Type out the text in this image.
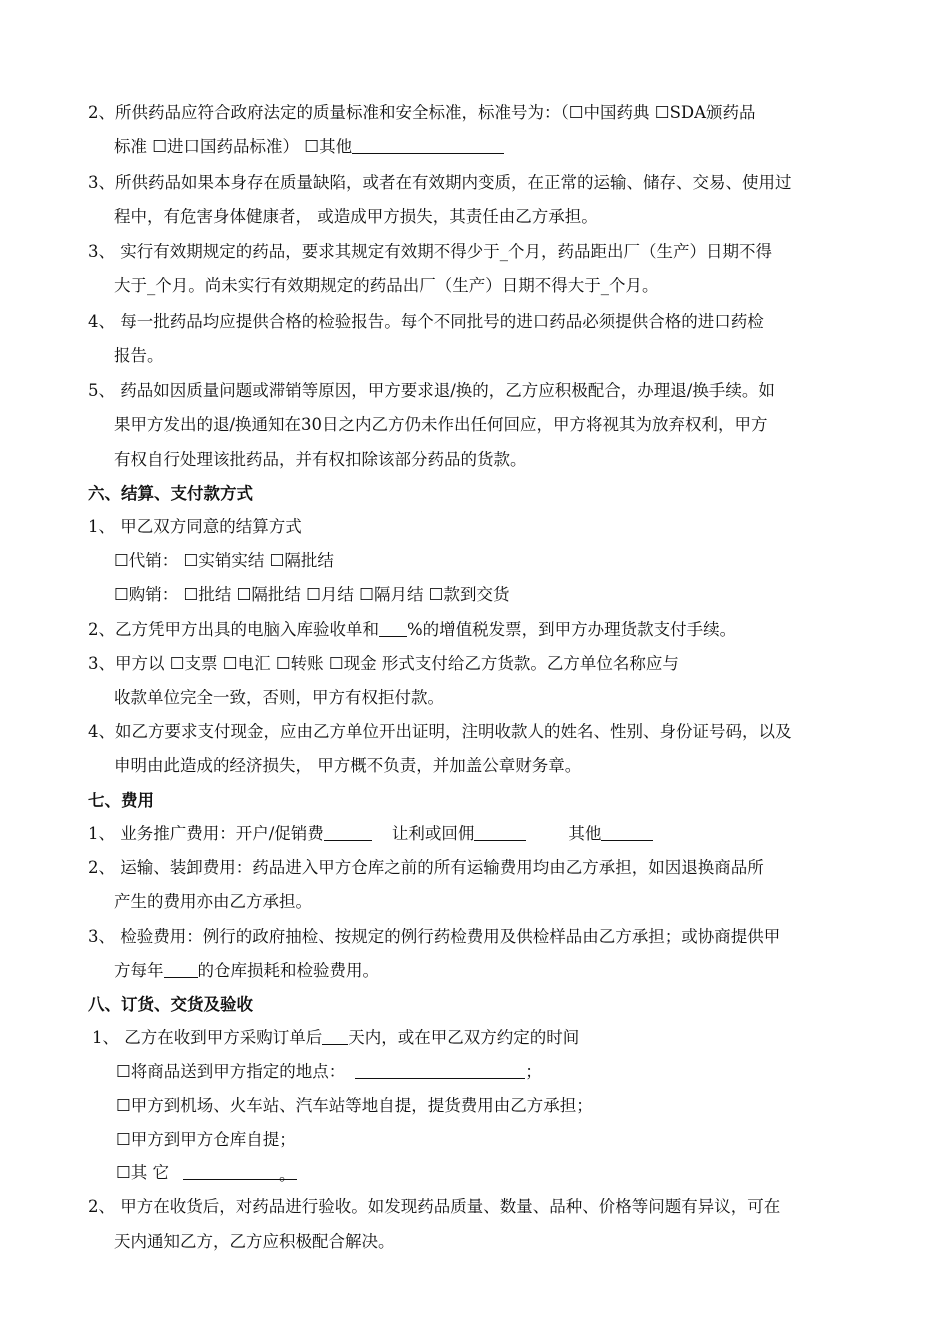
2、所供药品应符合政府法定的质量标准和安全标准，标准号为：（☐中国药典 ☐SDA颁药品
标准 ☐进口国药品标准） ☐其他
3、所供药品如果本身存在质量缺陷，或者在有效期内变质，在正常的运输、储存、交易、使用过
程中，有危害身体健康者， 或造成甲方损失，其责任由乙方承担。
3、 实行有效期规定的药品，要求其规定有效期不得少于_个月，药品距出厂（生产）日期不得
大于_个月。尚未实行有效期规定的药品出厂（生产）日期不得大于_个月。
4、 每一批药品均应提供合格的检验报告。每个不同批号的进口药品必须提供合格的进口药检
报告。
5、 药品如因质量问题或滞销等原因，甲方要求退/换的，乙方应积极配合，办理退/换手续。如
果甲方发出的退/换通知在30日之内乙方仍未作出任何回应，甲方将视其为放弃权利，甲方
有权自行处理该批药品，并有权扣除该部分药品的货款。
六、结算、支付款方式
1、 甲乙双方同意的结算方式
☐代销： ☐实销实结 ☐隔批结
☐购销： ☐批结 ☐隔批结 ☐月结 ☐隔月结 ☐款到交货
2、乙方凭甲方出具的电脑入库验收单和 %的增值税发票，到甲方办理货款支付手续。
3、甲方以 ☐支票 ☐电汇 ☐转账 ☐现金 形式支付给乙方货款。乙方单位名称应与
收款单位完全一致，否则，甲方有权拒付款。
4、如乙方要求支付现金，应由乙方单位开出证明，注明收款人的姓名、性别、身份证号码，以及
申明由此造成的经济损失， 甲方概不负责，并加盖公章财务章。
七、费用
1、 业务推广费用：开户/促销费	让利或回佣	其他
2、 运输、装卸费用：药品进入甲方仓库之前的所有运输费用均由乙方承担，如因退换商品所
产生的费用亦由乙方承担。
3、 检验费用：例行的政府抽检、按规定的例行药检费用及供检样品由乙方承担；或协商提供甲
方每年 的仓库损耗和检验费用。
八、订货、交货及验收
1、 乙方在收到甲方采购订单后 天内，或在甲乙双方约定的时间
☐将商品送到甲方指定的地点：	；
☐甲方到机场、火车站、汽车站等地自提，提货费用由乙方承担；
☐甲方到甲方仓库自提；
☐其 它	。
2、 甲方在收货后，对药品进行验收。如发现药品质量、数量、品种、价格等问题有异议，可在
天内通知乙方，乙方应积极配合解决。
